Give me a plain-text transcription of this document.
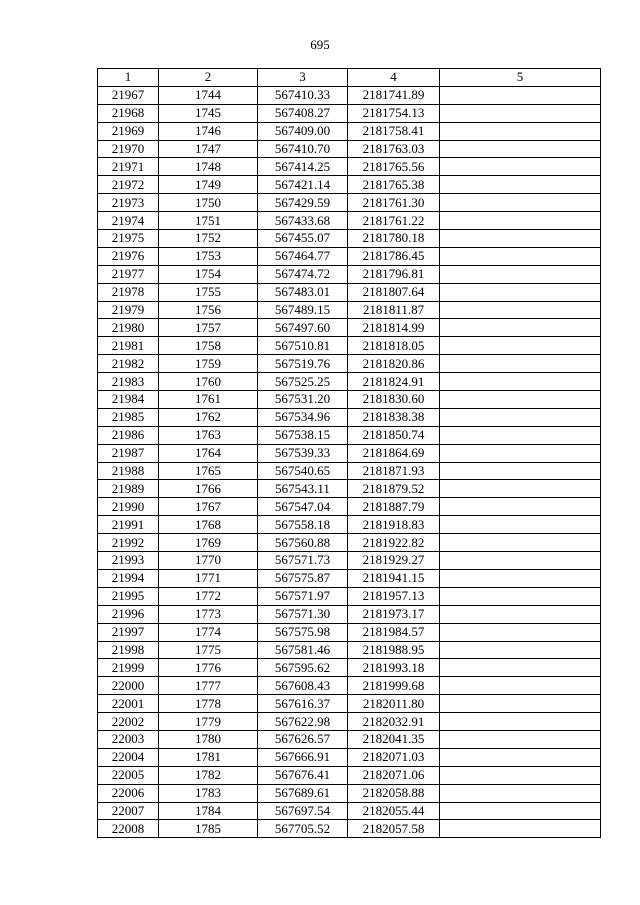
695
1	2	3	4	5
21967	1744	567410.33	2181741.89	
21968	1745	567408.27	2181754.13	
21969	1746	567409.00	2181758.41	
21970	1747	567410.70	2181763.03	
21971	1748	567414.25	2181765.56	
21972	1749	567421.14	2181765.38	
21973	1750	567429.59	2181761.30	
21974	1751	567433.68	2181761.22	
21975	1752	567455.07	2181780.18	
21976	1753	567464.77	2181786.45	
21977	1754	567474.72	2181796.81	
21978	1755	567483.01	2181807.64	
21979	1756	567489.15	2181811.87	
21980	1757	567497.60	2181814.99	
21981	1758	567510.81	2181818.05	
21982	1759	567519.76	2181820.86	
21983	1760	567525.25	2181824.91	
21984	1761	567531.20	2181830.60	
21985	1762	567534.96	2181838.38	
21986	1763	567538.15	2181850.74	
21987	1764	567539.33	2181864.69	
21988	1765	567540.65	2181871.93	
21989	1766	567543.11	2181879.52	
21990	1767	567547.04	2181887.79	
21991	1768	567558.18	2181918.83	
21992	1769	567560.88	2181922.82	
21993	1770	567571.73	2181929.27	
21994	1771	567575.87	2181941.15	
21995	1772	567571.97	2181957.13	
21996	1773	567571.30	2181973.17	
21997	1774	567575.98	2181984.57	
21998	1775	567581.46	2181988.95	
21999	1776	567595.62	2181993.18	
22000	1777	567608.43	2181999.68	
22001	1778	567616.37	2182011.80	
22002	1779	567622.98	2182032.91	
22003	1780	567626.57	2182041.35	
22004	1781	567666.91	2182071.03	
22005	1782	567676.41	2182071.06	
22006	1783	567689.61	2182058.88	
22007	1784	567697.54	2182055.44	
22008	1785	567705.52	2182057.58	
